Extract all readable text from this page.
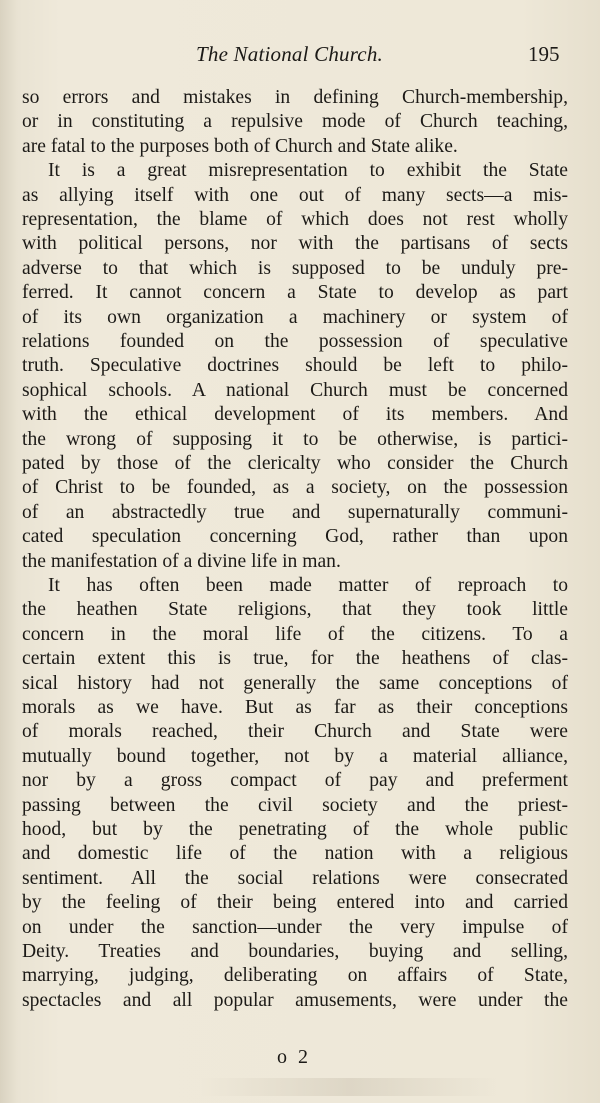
The National Church.	195
so errors and mistakes in defining Church-membership,
or in constituting a repulsive mode of Church teaching,
are fatal to the purposes both of Church and State alike.
It is a great misrepresentation to exhibit the State
as allying itself with one out of many sects—a mis-
representation, the blame of which does not rest wholly
with political persons, nor with the partisans of sects
adverse to that which is supposed to be unduly pre-
ferred. It cannot concern a State to develop as part
of its own organization a machinery or system of
relations founded on the possession of speculative
truth. Speculative doctrines should be left to philo-
sophical schools. A national Church must be concerned
with the ethical development of its members. And
the wrong of supposing it to be otherwise, is partici-
pated by those of the clericalty who consider the Church
of Christ to be founded, as a society, on the possession
of an abstractedly true and supernaturally communi-
cated speculation concerning God, rather than upon
the manifestation of a divine life in man.
It has often been made matter of reproach to
the heathen State religions, that they took little
concern in the moral life of the citizens. To a
certain extent this is true, for the heathens of clas-
sical history had not generally the same conceptions of
morals as we have. But as far as their conceptions
of morals reached, their Church and State were
mutually bound together, not by a material alliance,
nor by a gross compact of pay and preferment
passing between the civil society and the priest-
hood, but by the penetrating of the whole public
and domestic life of the nation with a religious
sentiment. All the social relations were consecrated
by the feeling of their being entered into and carried
on under the sanction—under the very impulse of
Deity. Treaties and boundaries, buying and selling,
marrying, judging, deliberating on affairs of State,
spectacles and all popular amusements, were under the
o 2
